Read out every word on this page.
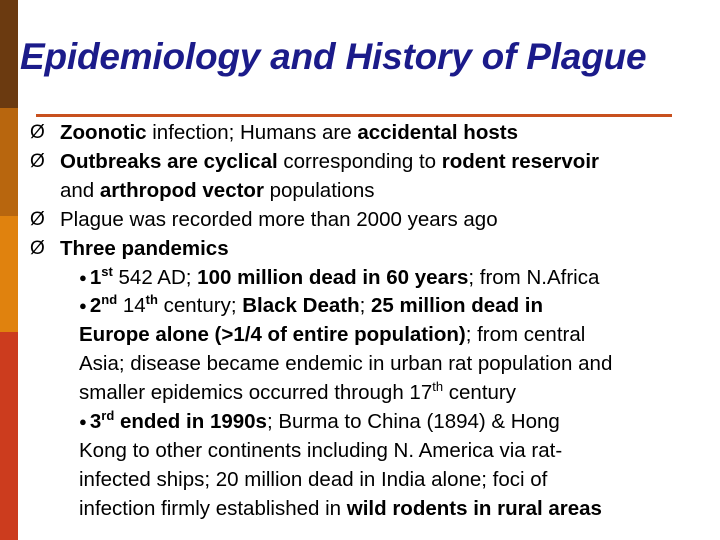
Epidemiology and History of Plague
Ø Zoonotic infection; Humans are accidental hosts
Ø Outbreaks are cyclical corresponding to rodent reservoir
and arthropod vector populations
Ø Plague was recorded more than 2000 years ago
Ø Three pandemics
● 1st 542 AD; 100 million dead in 60 years; from N.Africa
● 2nd 14th century; Black Death; 25 million dead in
Europe alone (>1/4 of entire population); from central
Asia; disease became endemic in urban rat population and
smaller epidemics occurred through 17th century
● 3rd ended in 1990s; Burma to China (1894) & Hong
Kong to other continents including N. America via rat-
infected ships; 20 million dead in India alone; foci of
infection firmly established in wild rodents in rural areas
